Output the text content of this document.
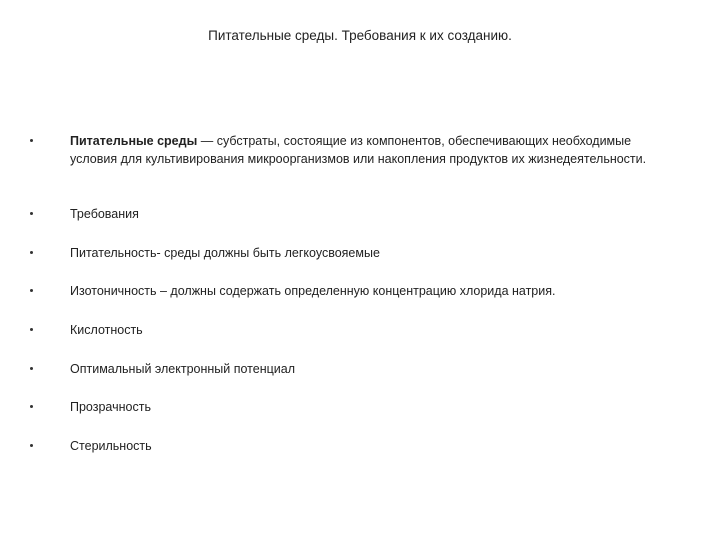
Питательные среды. Требования к их созданию.
Питательные среды — субстраты, состоящие из компонентов, обеспечивающих необходимые условия для культивирования микроорганизмов или накопления продуктов их жизнедеятельности.
Требования
Питательность- среды должны быть легкоусвояемые
Изотоничность – должны содержать определенную концентрацию хлорида натрия.
Кислотность
Оптимальный электронный потенциал
Прозрачность
Стерильность
